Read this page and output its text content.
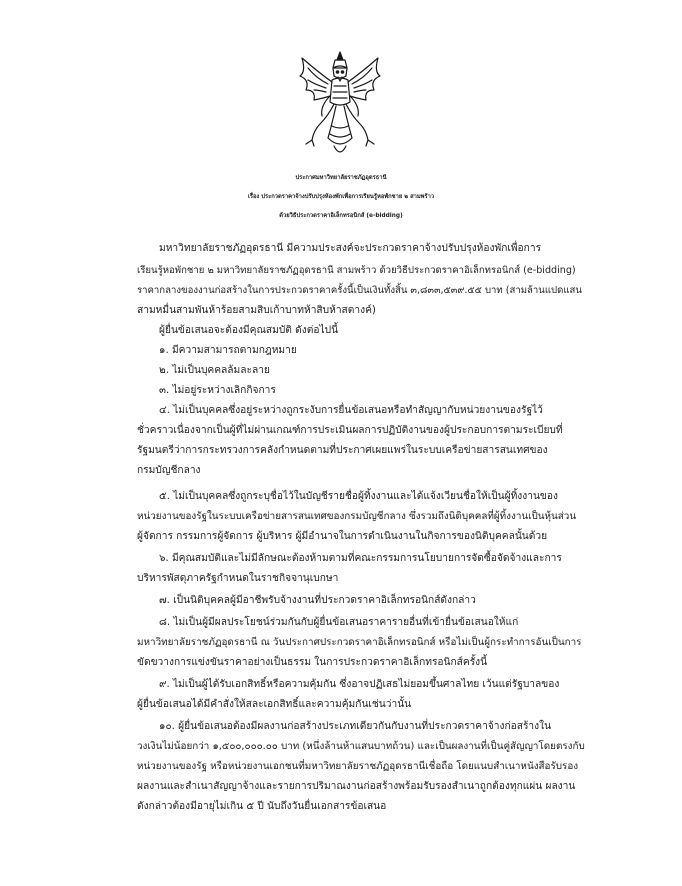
ประกาศมหาวิทยาลัยราชภัฏอุดรธานี
เรื่อง ประกวดราคาจ้างปรับปรุงห้องพักเพื่อการเรียนรู้หอพักชาย ๒ สามพร้าว
ด้วยวิธีประกวดราคาอิเล็กทรอนิกส์ (e-bidding)
มหาวิทยาลัยราชภัฏอุดรธานี มีความประสงค์จะประกวดราคาจ้างปรับปรุงห้องพักเพื่อการ
เรียนรู้หอพักชาย ๒ มหาวิทยาลัยราชภัฏอุดรธานี สามพร้าว ด้วยวิธีประกวดราคาอิเล็กทรอนิกส์ (e-bidding)
ราคากลางของงานก่อสร้างในการประกวดราคาครั้งนี้เป็นเงินทั้งสิ้น ๓,๘๓๓,๕๓๙.๕๕ บาท (สามล้านแปดแสน
สามหมื่นสามพันห้าร้อยสามสิบเก้าบาทห้าสิบห้าสตางค์)
ผู้ยื่นข้อเสนอจะต้องมีคุณสมบัติ ดังต่อไปนี้
๑. มีความสามารถตามกฎหมาย
๒. ไม่เป็นบุคคลล้มละลาย
๓. ไม่อยู่ระหว่างเลิกกิจการ
๔. ไม่เป็นบุคคลซึ่งอยู่ระหว่างถูกระงับการยื่นข้อเสนอหรือทำสัญญากับหน่วยงานของรัฐไว้
ชั่วคราวเนื่องจากเป็นผู้ที่ไม่ผ่านเกณฑ์การประเมินผลการปฏิบัติงานของผู้ประกอบการตามระเบียบที่
รัฐมนตรีว่าการกระทรวงการคลังกำหนดตามที่ประกาศเผยแพร่ในระบบเครือข่ายสารสนเทศของ
กรมบัญชีกลาง
๕. ไม่เป็นบุคคลซึ่งถูกระบุชื่อไว้ในบัญชีรายชื่อผู้ทิ้งงานและได้แจ้งเวียนชื่อให้เป็นผู้ทิ้งงานของ
หน่วยงานของรัฐในระบบเครือข่ายสารสนเทศของกรมบัญชีกลาง ซึ่งรวมถึงนิติบุคคลที่ผู้ทิ้งงานเป็นหุ้นส่วน
ผู้จัดการ กรรมการผู้จัดการ ผู้บริหาร ผู้มีอำนาจในการดำเนินงานในกิจการของนิติบุคคลนั้นด้วย
๖. มีคุณสมบัติและไม่มีลักษณะต้องห้ามตามที่คณะกรรมการนโยบายการจัดซื้อจัดจ้างและการ
บริหารพัสดุภาครัฐกำหนดในราชกิจจานุเบกษา
๗. เป็นนิติบุคคลผู้มีอาชีพรับจ้างงานที่ประกวดราคาอิเล็กทรอนิกส์ดังกล่าว
๘. ไม่เป็นผู้มีผลประโยชน์ร่วมกันกับผู้ยื่นข้อเสนอราคารายอื่นที่เข้ายื่นข้อเสนอให้แก่
มหาวิทยาลัยราชภัฏอุดรธานี ณ วันประกาศประกวดราคาอิเล็กทรอนิกส์ หรือไม่เป็นผู้กระทำการอันเป็นการ
ขัดขวางการแข่งขันราคาอย่างเป็นธรรม ในการประกวดราคาอิเล็กทรอนิกส์ครั้งนี้
๙. ไม่เป็นผู้ได้รับเอกสิทธิ์หรือความคุ้มกัน ซึ่งอาจปฏิเสธไม่ยอมขึ้นศาลไทย เว้นแต่รัฐบาลของ
ผู้ยื่นข้อเสนอได้มีคำสั่งให้สละเอกสิทธิ์และความคุ้มกันเช่นว่านั้น
๑๐. ผู้ยื่นข้อเสนอต้องมีผลงานก่อสร้างประเภทเดียวกันกับงานที่ประกวดราคาจ้างก่อสร้างใน
วงเงินไม่น้อยกว่า ๑,๕๐๐,๐๐๐.๐๐ บาท (หนึ่งล้านห้าแสนบาทถ้วน) และเป็นผลงานที่เป็นคู่สัญญาโดยตรงกับ
หน่วยงานของรัฐ หรือหน่วยงานเอกชนที่มหาวิทยาลัยราชภัฏอุดรธานีเชื่อถือ โดยแนบสำเนาหนังสือรับรอง
ผลงานและสำเนาสัญญาจ้างและรายการปริมาณงานก่อสร้างพร้อมรับรองสำเนาถูกต้องทุกแผ่น ผลงาน
ดังกล่าวต้องมีอายุไม่เกิน ๕ ปี นับถึงวันยื่นเอกสารข้อเสนอ
